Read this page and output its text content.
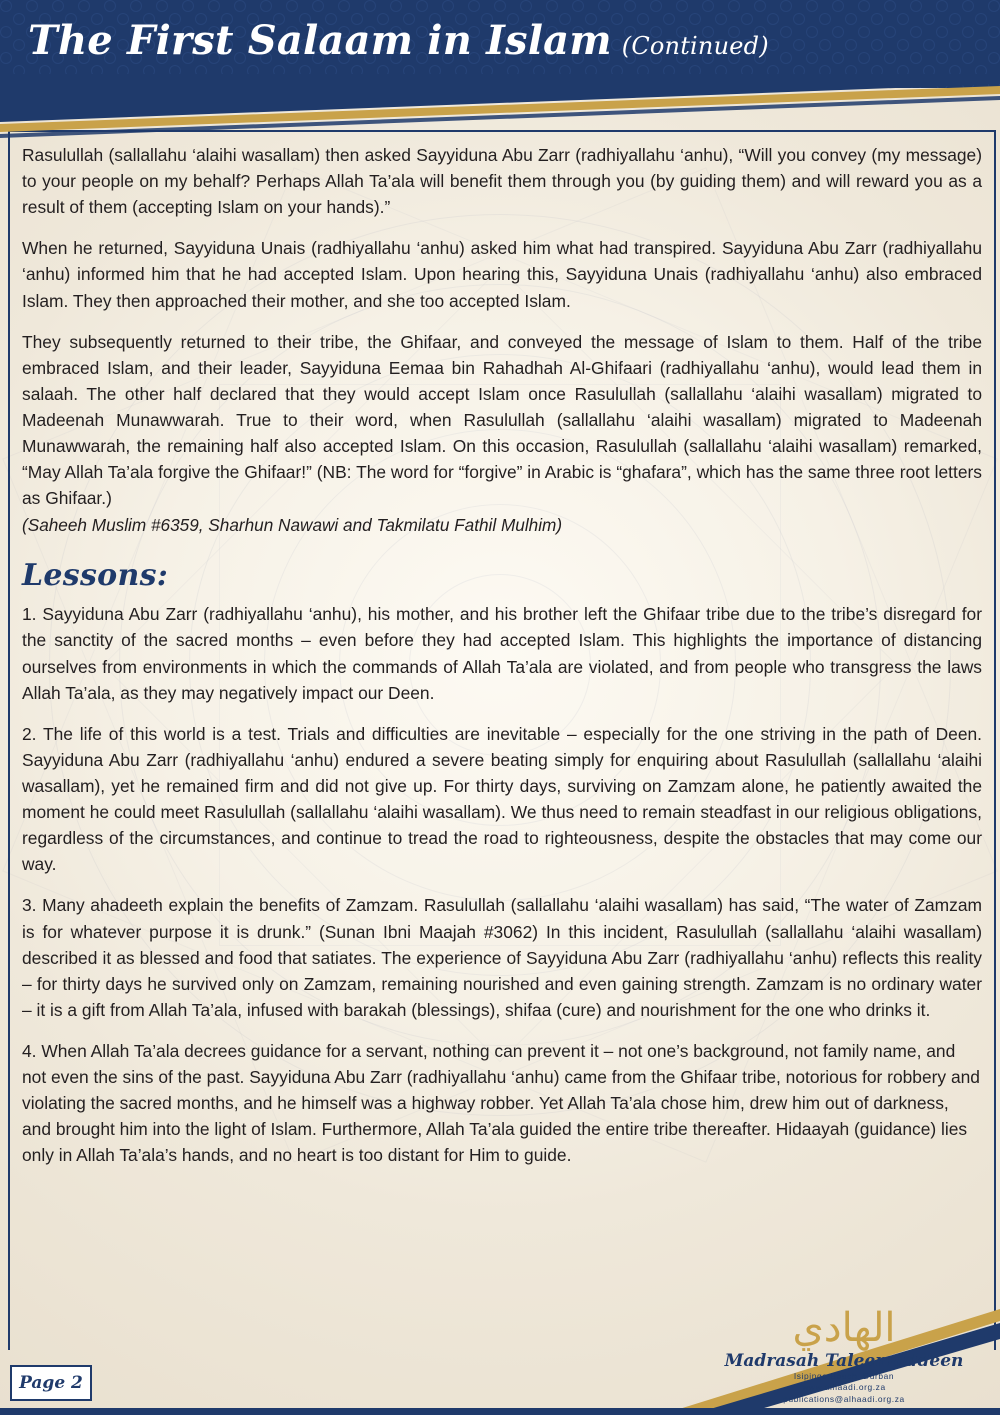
The First Salaam in Islam (Continued)

Rasulullah (sallallahu ‘alaihi wasallam) then asked Sayyiduna Abu Zarr (radhiyallahu ‘anhu), “Will you convey (my message) to your people on my behalf? Perhaps Allah Ta’ala will benefit them through you (by guiding them) and will reward you as a result of them (accepting Islam on your hands).”

When he returned, Sayyiduna Unais (radhiyallahu ‘anhu) asked him what had transpired. Sayyiduna Abu Zarr (radhiyallahu ‘anhu) informed him that he had accepted Islam. Upon hearing this, Sayyiduna Unais (radhiyallahu ‘anhu) also embraced Islam. They then approached their mother, and she too accepted Islam.

They subsequently returned to their tribe, the Ghifaar, and conveyed the message of Islam to them. Half of the tribe embraced Islam, and their leader, Sayyiduna Eemaa bin Rahadhah Al-Ghifaari (radhiyallahu ‘anhu), would lead them in salaah. The other half declared that they would accept Islam once Rasulullah (sallallahu ‘alaihi wasallam) migrated to Madeenah Munawwarah. True to their word, when Rasulullah (sallallahu ‘alaihi wasallam) migrated to Madeenah Munawwarah, the remaining half also accepted Islam. On this occasion, Rasulullah (sallallahu ‘alaihi wasallam) remarked, “May Allah Ta’ala forgive the Ghifaar!” (NB: The word for “forgive” in Arabic is “ghafara”, which has the same three root letters as Ghifaar.)

(Saheeh Muslim #6359, Sharhun Nawawi and Takmilatu Fathil Mulhim)

Lessons:

1. Sayyiduna Abu Zarr (radhiyallahu ‘anhu), his mother, and his brother left the Ghifaar tribe due to the tribe’s disregard for the sanctity of the sacred months – even before they had accepted Islam. This highlights the importance of distancing ourselves from environments in which the commands of Allah Ta’ala are violated, and from people who transgress the laws Allah Ta’ala, as they may negatively impact our Deen.

2. The life of this world is a test. Trials and difficulties are inevitable – especially for the one striving in the path of Deen. Sayyiduna Abu Zarr (radhiyallahu ‘anhu) endured a severe beating simply for enquiring about Rasulullah (sallallahu ‘alaihi wasallam), yet he remained firm and did not give up. For thirty days, surviving on Zamzam alone, he patiently awaited the moment he could meet Rasulullah (sallallahu ‘alaihi wasallam). We thus need to remain steadfast in our religious obligations, regardless of the circumstances, and continue to tread the road to righteousness, despite the obstacles that may come our way.

3. Many ahadeeth explain the benefits of Zamzam. Rasulullah (sallallahu ‘alaihi wasallam) has said, “The water of Zamzam is for whatever purpose it is drunk.” (Sunan Ibni Maajah #3062) In this incident, Rasulullah (sallallahu ‘alaihi wasallam) described it as blessed and food that satiates. The experience of Sayyiduna Abu Zarr (radhiyallahu ‘anhu) reflects this reality – for thirty days he survived only on Zamzam, remaining nourished and even gaining strength. Zamzam is no ordinary water – it is a gift from Allah Ta’ala, infused with barakah (blessings), shifaa (cure) and nourishment for the one who drinks it.

4. When Allah Ta’ala decrees guidance for a servant, nothing can prevent it – not one’s background, not family name, and not even the sins of the past. Sayyiduna Abu Zarr (radhiyallahu ‘anhu) came from the Ghifaar tribe, notorious for robbery and violating the sacred months, and he himself was a highway robber. Yet Allah Ta’ala chose him, drew him out of darkness, and brought him into the light of Islam. Furthermore, Allah Ta’ala guided the entire tribe thereafter. Hidaayah (guidance) lies only in Allah Ta’ala’s hands, and no heart is too distant for Him to guide.

Page 2
الهادي
Madrasah Taleemuddeen
Isipingo Beach, Durban
www.alhaadi.org.za
publications@alhaadi.org.za
